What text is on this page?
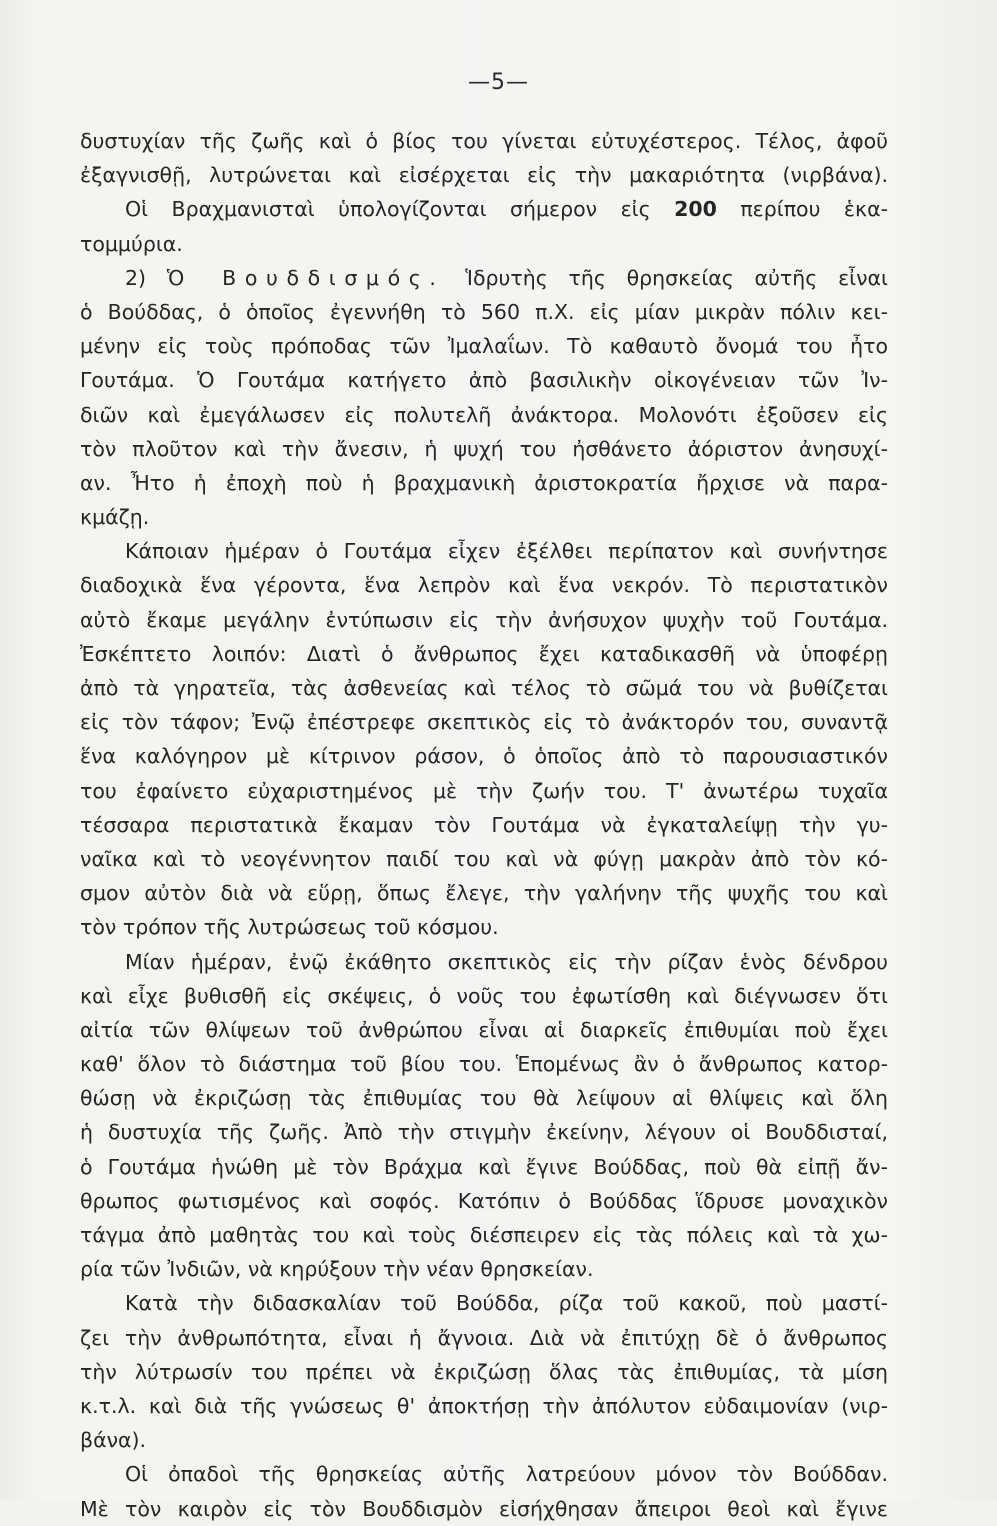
—5—
δυστυχίαν τῆς ζωῆς καὶ ὁ βίος του γίνεται εὐτυχέστερος. Τέλος, ἀφοῦ
ἐξαγνισθῇ, λυτρώνεται καὶ εἰσέρχεται εἰς τὴν μακαριότητα (νιρβάνα).
Οἱ Βραχμανισταὶ ὑπολογίζονται σήμερον εἰς 200 περίπου ἑκα-
τομμύρια.
2) Ὁ Βουδδισμός. Ἱδρυτὴς τῆς θρησκείας αὐτῆς εἶναι
ὁ Βούδδας, ὁ ὁποῖος ἐγεννήθη τὸ 560 π.Χ. εἰς μίαν μικρὰν πόλιν κει-
μένην εἰς τοὺς πρόποδας τῶν Ἰμαλαΐων. Τὸ καθαυτὸ ὄνομά του ἦτο
Γουτάμα. Ὁ Γουτάμα κατήγετο ἀπὸ βασιλικὴν οἰκογένειαν τῶν Ἰν-
διῶν καὶ ἐμεγάλωσεν εἰς πολυτελῆ ἀνάκτορα. Μολονότι ἐξοῦσεν εἰς
τὸν πλοῦτον καὶ τὴν ἄνεσιν, ἡ ψυχή του ἠσθάνετο ἀόριστον ἀνησυχί-
αν. Ἦτο ἡ ἐποχὴ ποὺ ἡ βραχμανικὴ ἀριστοκρατία ἤρχισε νὰ παρα-
κμάζῃ.
Κάποιαν ἡμέραν ὁ Γουτάμα εἶχεν ἐξέλθει περίπατον καὶ συνήντησε
διαδοχικὰ ἕνα γέροντα, ἕνα λεπρὸν καὶ ἕνα νεκρόν. Τὸ περιστατικὸν
αὐτὸ ἔκαμε μεγάλην ἐντύπωσιν εἰς τὴν ἀνήσυχον ψυχὴν τοῦ Γουτάμα.
Ἐσκέπτετο λοιπόν: Διατὶ ὁ ἄνθρωπος ἔχει καταδικασθῆ νὰ ὑποφέρῃ
ἀπὸ τὰ γηρατεῖα, τὰς ἀσθενείας καὶ τέλος τὸ σῶμά του νὰ βυθίζεται
εἰς τὸν τάφον; Ἐνῷ ἐπέστρεφε σκεπτικὸς εἰς τὸ ἀνάκτορόν του, συναντᾷ
ἕνα καλόγηρον μὲ κίτρινον ράσον, ὁ ὁποῖος ἀπὸ τὸ παρουσιαστικόν
του ἐφαίνετο εὐχαριστημένος μὲ τὴν ζωήν του. Τ' ἀνωτέρω τυχαῖα
τέσσαρα περιστατικὰ ἔκαμαν τὸν Γουτάμα νὰ ἐγκαταλείψῃ τὴν γυ-
ναῖκα καὶ τὸ νεογέννητον παιδί του καὶ νὰ φύγῃ μακρὰν ἀπὸ τὸν κό-
σμον αὐτὸν διὰ νὰ εὕρῃ, ὅπως ἔλεγε, τὴν γαλήνην τῆς ψυχῆς του καὶ
τὸν τρόπον τῆς λυτρώσεως τοῦ κόσμου.
Μίαν ἡμέραν, ἐνῷ ἐκάθητο σκεπτικὸς εἰς τὴν ρίζαν ἑνὸς δένδρου
καὶ εἶχε βυθισθῆ εἰς σκέψεις, ὁ νοῦς του ἐφωτίσθη καὶ διέγνωσεν ὅτι
αἰτία τῶν θλίψεων τοῦ ἀνθρώπου εἶναι αἱ διαρκεῖς ἐπιθυμίαι ποὺ ἔχει
καθ' ὅλον τὸ διάστημα τοῦ βίου του. Ἑπομένως ἂν ὁ ἄνθρωπος κατορ-
θώσῃ νὰ ἐκριζώσῃ τὰς ἐπιθυμίας του θὰ λείψουν αἱ θλίψεις καὶ ὅλη
ἡ δυστυχία τῆς ζωῆς. Ἀπὸ τὴν στιγμὴν ἐκείνην, λέγουν οἱ Βουδδισταί,
ὁ Γουτάμα ἡνώθη μὲ τὸν Βράχμα καὶ ἔγινε Βούδδας, ποὺ θὰ εἰπῇ ἄν-
θρωπος φωτισμένος καὶ σοφός. Κατόπιν ὁ Βούδδας ἵδρυσε μοναχικὸν
τάγμα ἀπὸ μαθητὰς του καὶ τοὺς διέσπειρεν εἰς τὰς πόλεις καὶ τὰ χω-
ρία τῶν Ἰνδιῶν, νὰ κηρύξουν τὴν νέαν θρησκείαν.
Κατὰ τὴν διδασκαλίαν τοῦ Βούδδα, ρίζα τοῦ κακοῦ, ποὺ μαστί-
ζει τὴν ἀνθρωπότητα, εἶναι ἡ ἄγνοια. Διὰ νὰ ἐπιτύχῃ δὲ ὁ ἄνθρωπος
τὴν λύτρωσίν του πρέπει νὰ ἐκριζώσῃ ὅλας τὰς ἐπιθυμίας, τὰ μίση
κ.τ.λ. καὶ διὰ τῆς γνώσεως θ' ἀποκτήσῃ τὴν ἀπόλυτον εὐδαιμονίαν (νιρ-
βάνα).
Οἱ ὀπαδοὶ τῆς θρησκείας αὐτῆς λατρεύουν μόνον τὸν Βούδδαν.
Μὲ τὸν καιρὸν εἰς τὸν Βουδδισμὸν εἰσήχθησαν ἄπειροι θεοὶ καὶ ἔγινε
